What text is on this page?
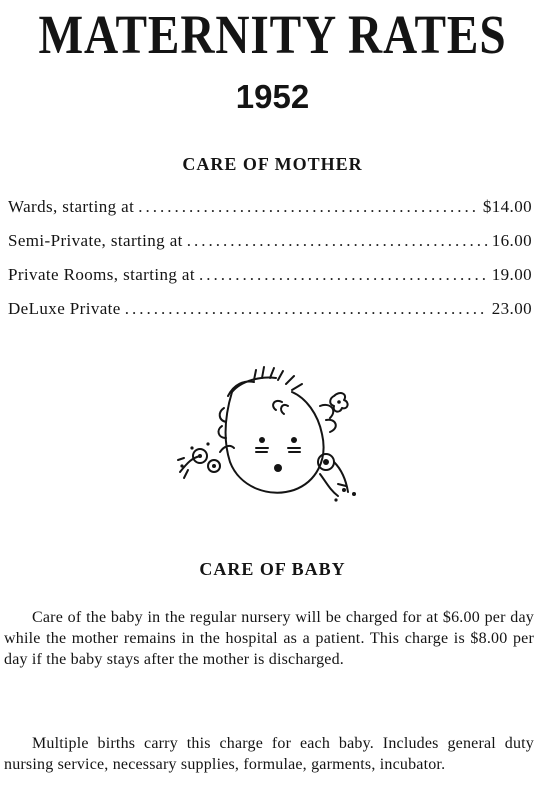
MATERNITY RATES
1952
CARE OF MOTHER
Wards, starting at .....	$14.00
Semi-Private, starting at .....	16.00
Private Rooms, starting at .....	19.00
DeLuxe Private .....	23.00
CARE OF BABY
Care of the baby in the regular nursery will be charged for at $6.00 per day while the mother remains in the hospital as a patient. This charge is $8.00 per day if the baby stays after the mother is discharged.
Multiple births carry this charge for each baby. Includes general duty nursing service, necessary supplies, formulae, garments, incubator.
